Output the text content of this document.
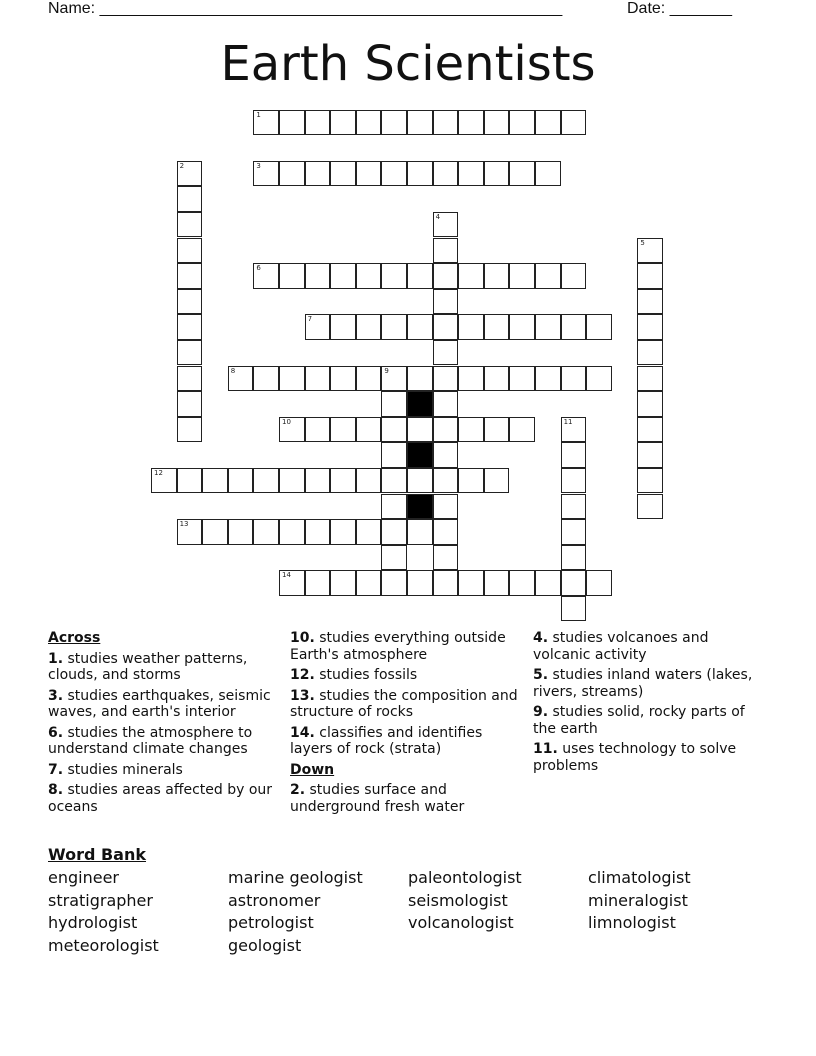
Name: ____________________________________________________	Date: _______
Earth Scientists
1
3
6
7
8	9
10
12
13
14
2
4
5
11
Across
1. studies weather patterns, clouds, and storms
3. studies earthquakes, seismic waves, and earth's interior
6. studies the atmosphere to understand climate changes
7. studies minerals
8. studies areas affected by our oceans
10. studies everything outside Earth's atmosphere
12. studies fossils
13. studies the composition and structure of rocks
14. classifies and identifies layers of rock (strata)
Down
2. studies surface and underground fresh water
4. studies volcanoes and volcanic activity
5. studies inland waters (lakes, rivers, streams)
9. studies solid, rocky parts of the earth
11. uses technology to solve problems
Word Bank
engineer
stratigrapher
hydrologist
meteorologist
marine geologist
astronomer
petrologist
geologist
paleontologist
seismologist
volcanologist
climatologist
mineralogist
limnologist
